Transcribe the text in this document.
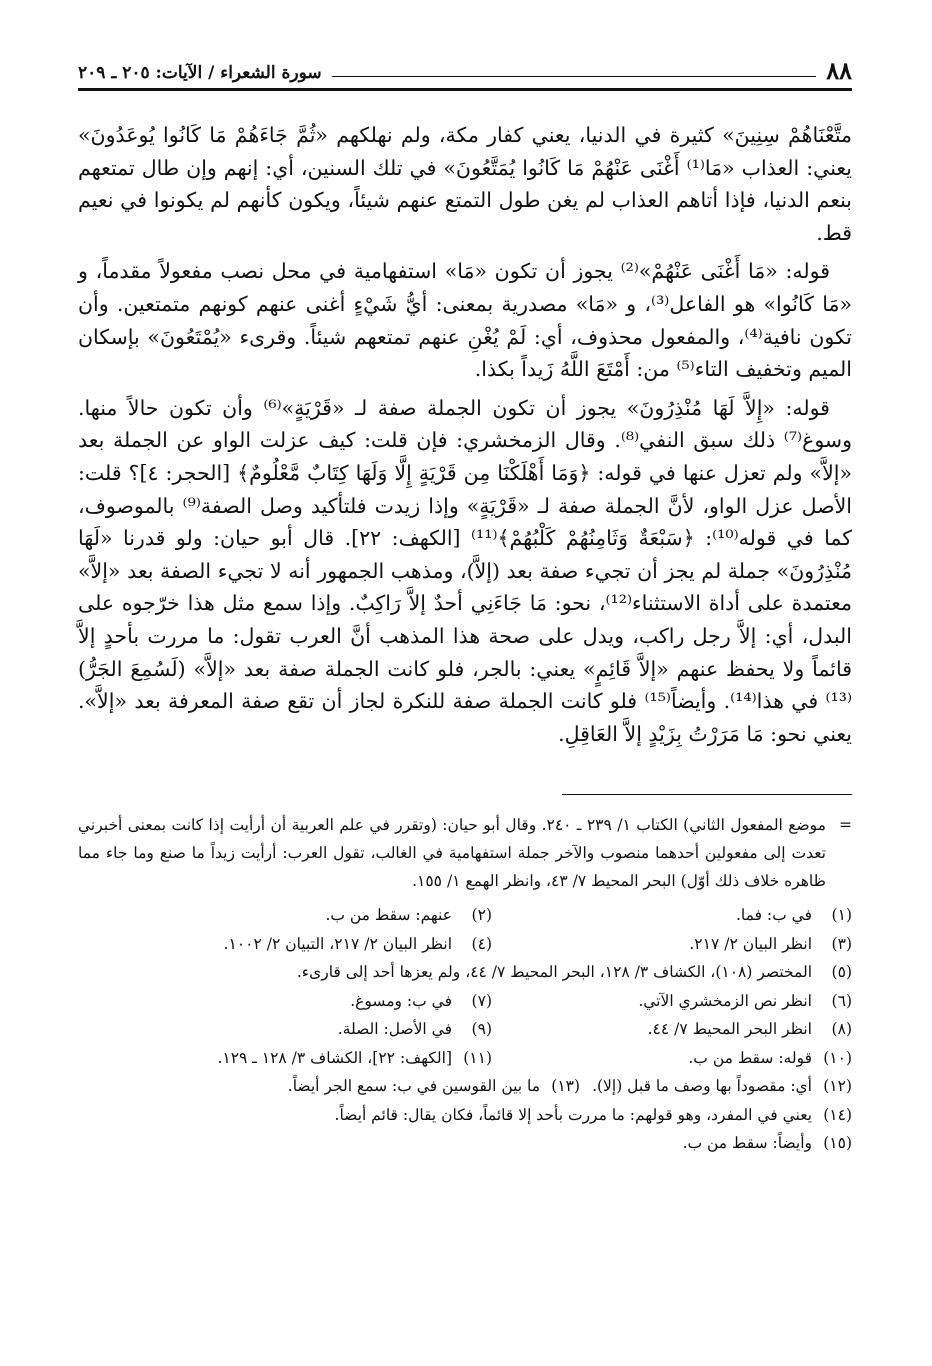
٨٨
سورة الشعراء / الآيات: ٢٠٥ ـ ٢٠٩

متَّعْنَاهُمْ سِنِينَ» كثيرة في الدنيا، يعني كفار مكة، ولم نهلكهم «ثُمَّ جَاءَهُمْ مَا كَانُوا يُوعَدُونَ» يعني: العذاب «مَا⁽¹⁾ أَغْنَى عَنْهُمْ مَا كَانُوا يُمَتَّعُونَ» في تلك السنين، أي: إنهم وإن طال تمتعهم بنعم الدنيا، فإذا أتاهم العذاب لم يغن طول التمتع عنهم شيئاً، ويكون كأنهم لم يكونوا في نعيم قط.

قوله: «مَا أَغْنَى عَنْهُمْ»⁽²⁾ يجوز أن تكون «مَا» استفهامية في محل نصب مفعولاً مقدماً، و «مَا كَانُوا» هو الفاعل⁽³⁾، و «مَا» مصدرية بمعنى: أيُّ شَيْءٍ أغنى عنهم كونهم متمتعين. وأن تكون نافية⁽⁴⁾، والمفعول محذوف، أي: لَمْ يُغْنِ عنهم تمتعهم شيئاً. وقرىء «يُمْتَعُونَ» بإسكان الميم وتخفيف التاء⁽⁵⁾ من: أَمْتَعَ اللَّهُ زَيداً بكذا.

قوله: «إِلاَّ لَهَا مُنْذِرُونَ» يجوز أن تكون الجملة صفة لـ «قَرْيَةٍ»⁽⁶⁾ وأن تكون حالاً منها. وسوغ⁽⁷⁾ ذلك سبق النفي⁽⁸⁾. وقال الزمخشري: فإن قلت: كيف عزلت الواو عن الجملة بعد «إلاَّ» ولم تعزل عنها في قوله: ﴿وَمَا أَهْلَكْنَا مِن قَرْيَةٍ إِلَّا وَلَهَا كِتَابٌ مَّعْلُومٌ﴾ [الحجر: ٤]؟ قلت: الأصل عزل الواو، لأنَّ الجملة صفة لـ «قَرْيَةٍ» وإذا زيدت فلتأكيد وصل الصفة⁽⁹⁾ بالموصوف، كما في قوله⁽¹⁰⁾: ﴿سَبْعَةٌ وَثَامِنُهُمْ كَلْبُهُمْ﴾⁽¹¹⁾ [الكهف: ٢٢]. قال أبو حيان: ولو قدرنا «لَهَا مُنْذِرُونَ» جملة لم يجز أن تجيء صفة بعد (إلاَّ)، ومذهب الجمهور أنه لا تجيء الصفة بعد «إلاَّ» معتمدة على أداة الاستثناء⁽¹²⁾، نحو: مَا جَاءَنِي أحدٌ إلاَّ رَاكِبٌ. وإذا سمع مثل هذا خرّجوه على البدل، أي: إلاَّ رجل راكب، ويدل على صحة هذا المذهب أنَّ العرب تقول: ما مررت بأحدٍ إلاَّ قائماً ولا يحفظ عنهم «إلاَّ قَائِمٍ» يعني: بالجر، فلو كانت الجملة صفة بعد «إلاَّ» (لَسُمِعَ الجَرُّ)⁽¹³⁾ في هذا⁽¹⁴⁾. وأيضاً⁽¹⁵⁾ فلو كانت الجملة صفة للنكرة لجاز أن تقع صفة المعرفة بعد «إلاَّ». يعني نحو: مَا مَرَرْتُ بِزَيْدٍ إلاَّ العَاقِلِ.

=
موضع المفعول الثاني) الكتاب ١/ ٢٣٩ ـ ٢٤٠. وقال أبو حيان: (وتقرر في علم العربية أن أرأيت إذا كانت بمعنى أخبرني تعدت إلى مفعولين أحدهما منصوب والآخر جملة استفهامية في الغالب، تقول العرب: أرأيت زيداً ما صنع وما جاء مما ظاهره خلاف ذلك أوّل) البحر المحيط ٧/ ٤٣، وانظر الهمع ١/ ١٥٥.
(١)
في ب: فما.
(٢)
عنهم: سقط من ب.
(٣)
انظر البيان ٢/ ٢١٧.
(٤)
انظر البيان ٢/ ٢١٧، التبيان ٢/ ١٠٠٢.
(٥)
المختصر (١٠٨)، الكشاف ٣/ ١٢٨، البحر المحيط ٧/ ٤٤، ولم يعزها أحد إلى قارىء.
(٦)
انظر نص الزمخشري الآتي.
(٧)
في ب: ومسوغ.
(٨)
انظر البحر المحيط ٧/ ٤٤.
(٩)
في الأصل: الصلة.
(١٠)
قوله: سقط من ب.
(١١)
[الكهف: ٢٢]، الكشاف ٣/ ١٢٨ ـ ١٢٩.
(١٢)
أي: مقصوداً بها وصف ما قبل (إلا).
(١٣)
ما بين القوسين في ب: سمع الجر أيضاً.
(١٤)
يعني في المفرد، وهو قولهم: ما مررت بأحد إلا قائماً، فكان يقال: قائم أيضاً.
(١٥)
وأيضاً: سقط من ب.
